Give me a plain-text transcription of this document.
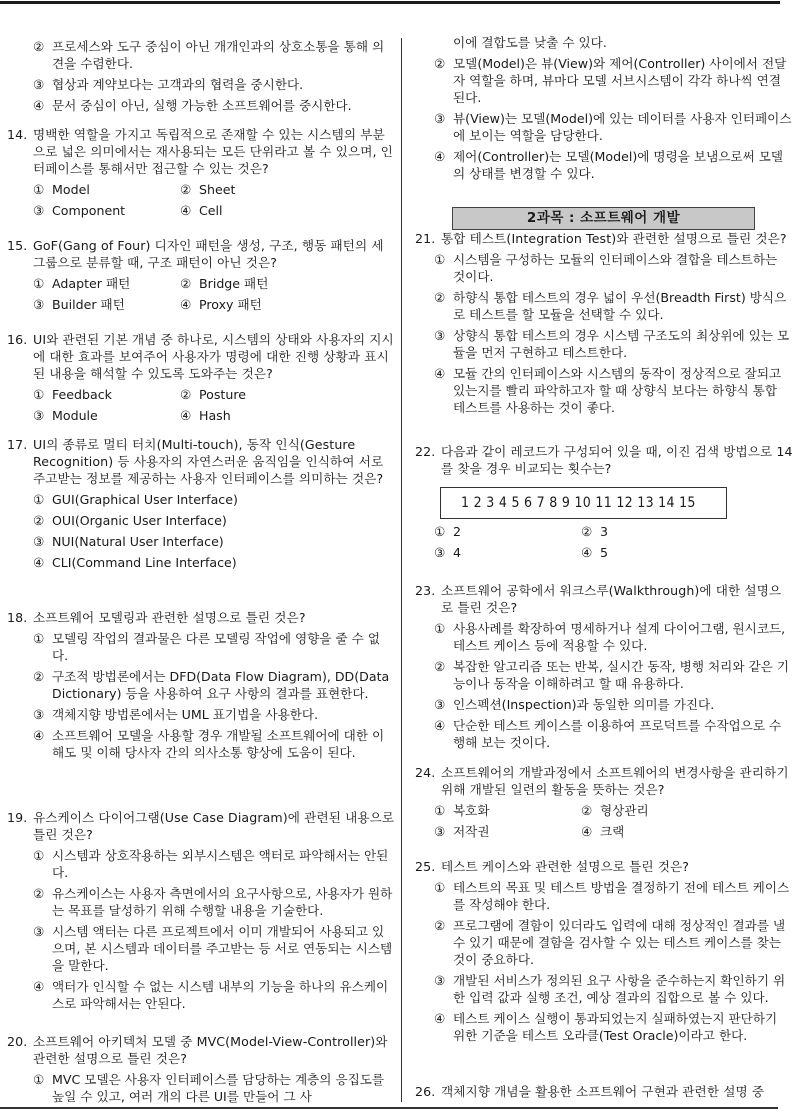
② 프로세스와 도구 중심이 아닌 개개인과의 상호소통을 통해 의견을 수렴한다.
③ 협상과 계약보다는 고객과의 협력을 중시한다.
④ 문서 중심이 아닌, 실행 가능한 소프트웨어를 중시한다.
14. 명백한 역할을 가지고 독립적으로 존재할 수 있는 시스템의 부분으로 넓은 의미에서는 재사용되는 모든 단위라고 볼 수 있으며, 인터페이스를 통해서만 접근할 수 있는 것은?
① Model	② Sheet
③ Component	④ Cell
15. GoF(Gang of Four) 디자인 패턴을 생성, 구조, 행동 패턴의 세 그룹으로 분류할 때, 구조 패턴이 아닌 것은?
① Adapter 패턴	② Bridge 패턴
③ Builder 패턴	④ Proxy 패턴
16. UI와 관련된 기본 개념 중 하나로, 시스템의 상태와 사용자의 지시에 대한 효과를 보여주어 사용자가 명령에 대한 진행 상황과 표시된 내용을 해석할 수 있도록 도와주는 것은?
① Feedback	② Posture
③ Module	④ Hash
17. UI의 종류로 멀티 터치(Multi-touch), 동작 인식(Gesture Recognition) 등 사용자의 자연스러운 움직임을 인식하여 서로 주고받는 정보를 제공하는 사용자 인터페이스를 의미하는 것은?
① GUI(Graphical User Interface)
② OUI(Organic User Interface)
③ NUI(Natural User Interface)
④ CLI(Command Line Interface)
18. 소프트웨어 모델링과 관련한 설명으로 틀린 것은?
① 모델링 작업의 결과물은 다른 모델링 작업에 영향을 줄 수 없다.
② 구조적 방법론에서는 DFD(Data Flow Diagram), DD(Data Dictionary) 등을 사용하여 요구 사항의 결과를 표현한다.
③ 객체지향 방법론에서는 UML 표기법을 사용한다.
④ 소프트웨어 모델을 사용할 경우 개발될 소프트웨어에 대한 이해도 및 이해 당사자 간의 의사소통 향상에 도움이 된다.
19. 유스케이스 다이어그램(Use Case Diagram)에 관련된 내용으로 틀린 것은?
① 시스템과 상호작용하는 외부시스템은 액터로 파악해서는 안된다.
② 유스케이스는 사용자 측면에서의 요구사항으로, 사용자가 원하는 목표를 달성하기 위해 수행할 내용을 기술한다.
③ 시스템 액터는 다른 프로젝트에서 이미 개발되어 사용되고 있으며, 본 시스템과 데이터를 주고받는 등 서로 연동되는 시스템을 말한다.
④ 액터가 인식할 수 없는 시스템 내부의 기능을 하나의 유스케이스로 파악해서는 안된다.
20. 소프트웨어 아키텍처 모델 중 MVC(Model-View-Controller)와 관련한 설명으로 틀린 것은?
① MVC 모델은 사용자 인터페이스를 담당하는 계층의 응집도를 높일 수 있고, 여러 개의 다른 UI를 만들어 그 사
이에 결합도를 낮출 수 있다.
② 모델(Model)은 뷰(View)와 제어(Controller) 사이에서 전달자 역할을 하며, 뷰마다 모델 서브시스템이 각각 하나씩 연결된다.
③ 뷰(View)는 모델(Model)에 있는 데이터를 사용자 인터페이스에 보이는 역할을 담당한다.
④ 제어(Controller)는 모델(Model)에 명령을 보냄으로써 모델의 상태를 변경할 수 있다.
2과목 : 소프트웨어 개발
21. 통합 테스트(Integration Test)와 관련한 설명으로 틀린 것은?
① 시스템을 구성하는 모듈의 인터페이스와 결합을 테스트하는 것이다.
② 하향식 통합 테스트의 경우 넓이 우선(Breadth First) 방식으로 테스트를 할 모듈을 선택할 수 있다.
③ 상향식 통합 테스트의 경우 시스템 구조도의 최상위에 있는 모듈을 먼저 구현하고 테스트한다.
④ 모듈 간의 인터페이스와 시스템의 동작이 정상적으로 잘되고 있는지를 빨리 파악하고자 할 때 상향식 보다는 하향식 통합 테스트를 사용하는 것이 좋다.
22. 다음과 같이 레코드가 구성되어 있을 때, 이진 검색 방법으로 14를 찾을 경우 비교되는 횟수는?
1 2 3 4 5 6 7 8 9 10 11 12 13 14 15
① 2	② 3
③ 4	④ 5
23. 소프트웨어 공학에서 워크스루(Walkthrough)에 대한 설명으로 틀린 것은?
① 사용사례를 확장하여 명세하거나 설계 다이어그램, 원시코드, 테스트 케이스 등에 적용할 수 있다.
② 복잡한 알고리즘 또는 반복, 실시간 동작, 병행 처리와 같은 기능이나 동작을 이해하려고 할 때 유용하다.
③ 인스펙션(Inspection)과 동일한 의미를 가진다.
④ 단순한 테스트 케이스를 이용하여 프로덕트를 수작업으로 수행해 보는 것이다.
24. 소프트웨어의 개발과정에서 소프트웨어의 변경사항을 관리하기 위해 개발된 일련의 활동을 뜻하는 것은?
① 복호화	② 형상관리
③ 저작권	④ 크랙
25. 테스트 케이스와 관련한 설명으로 틀린 것은?
① 테스트의 목표 및 테스트 방법을 결정하기 전에 테스트 케이스를 작성해야 한다.
② 프로그램에 결함이 있더라도 입력에 대해 정상적인 결과를 낼 수 있기 때문에 결함을 검사할 수 있는 테스트 케이스를 찾는 것이 중요하다.
③ 개발된 서비스가 정의된 요구 사항을 준수하는지 확인하기 위한 입력 값과 실행 조건, 예상 결과의 집합으로 볼 수 있다.
④ 테스트 케이스 실행이 통과되었는지 실패하였는지 판단하기 위한 기준을 테스트 오라클(Test Oracle)이라고 한다.
26. 객체지향 개념을 활용한 소프트웨어 구현과 관련한 설명 중
